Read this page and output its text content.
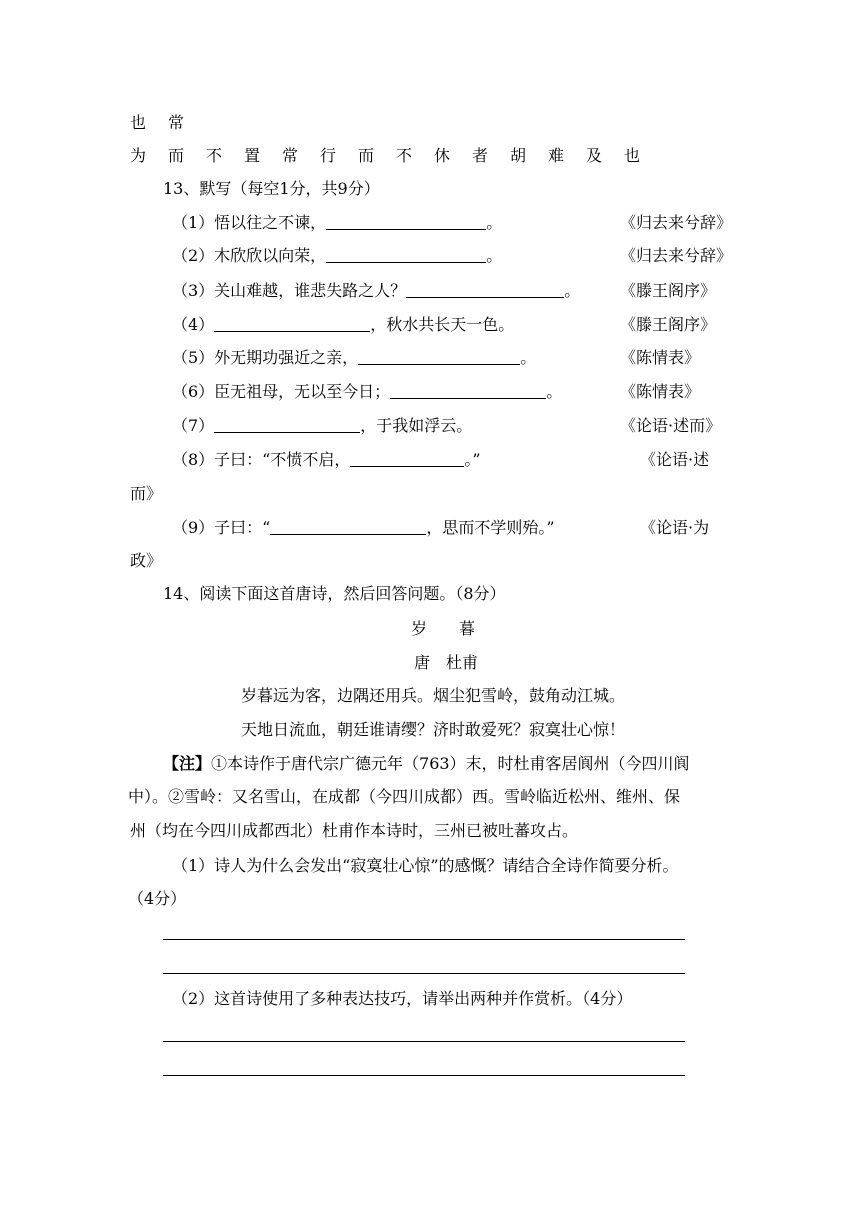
也 常
为 而 不 置 常 行 而 不 休 者 胡 难 及 也
13、默写（每空1分，共9分）
（1）悟以往之不谏，	。	《归去来兮辞》
（2）木欣欣以向荣，	。	《归去来兮辞》
（3）关山难越，谁悲失路之人？	。 《滕王阁序》
（4）	，秋水共长天一色。	《滕王阁序》
（5）外无期功强近之亲，	。	《陈情表》
（6）臣无祖母，无以至今日；	。	《陈情表》
（7）	，于我如浮云。	《论语·述而》
（8）子曰：“不愤不启，	。”	《论语·述
而》
（9）子曰：“	，思而不学则殆。”	《论语·为
政》
14、阅读下面这首唐诗，然后回答问题。（8分）
岁　　暮
唐　杜甫
岁暮远为客，边隅还用兵。烟尘犯雪岭，鼓角动江城。
天地日流血，朝廷谁请缨？济时敢爱死？寂寞壮心惊！
【注】①本诗作于唐代宗广德元年（763）末，时杜甫客居阆州（今四川阆
中）。②雪岭：又名雪山，在成都（今四川成都）西。雪岭临近松州、维州、保
州（均在今四川成都西北）杜甫作本诗时，三州已被吐蕃攻占。
（1）诗人为什么会发出“寂寞壮心惊”的感慨？请结合全诗作简要分析。
（4分）
（2）这首诗使用了多种表达技巧，请举出两种并作赏析。（4分）
